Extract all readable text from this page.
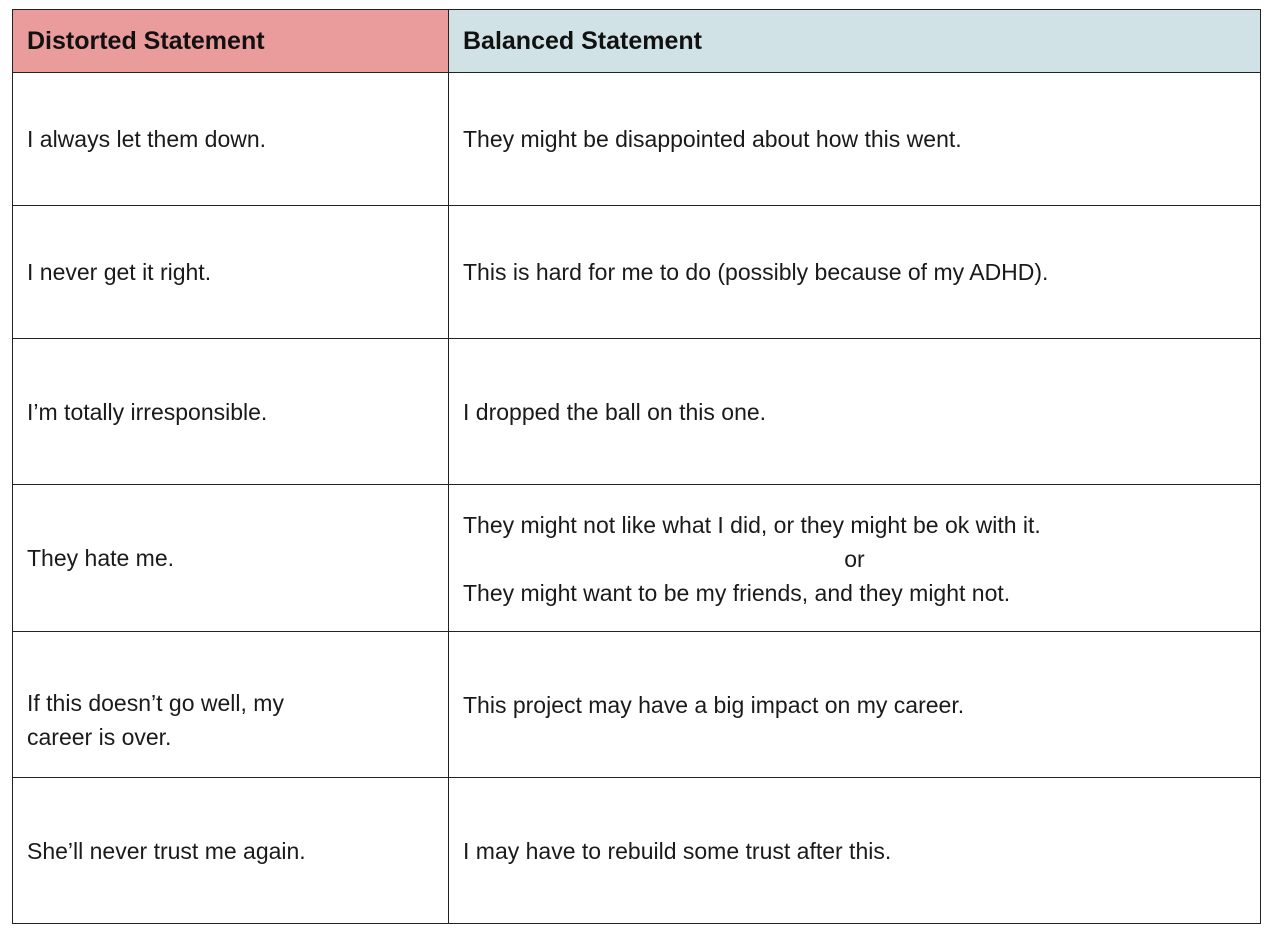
Distorted Statement	Balanced Statement
I always let them down.	They might be disappointed about how this went.
I never get it right.	This is hard for me to do (possibly because of my ADHD).
I’m totally irresponsible.	I dropped the ball on this one.
They hate me.	They might not like what I did, or they might be ok with it.
or
They might want to be my friends, and they might not.

If this doesn’t go well, my
career is over.	This project may have a big impact on my career.
She’ll never trust me again.	I may have to rebuild some trust after this.
